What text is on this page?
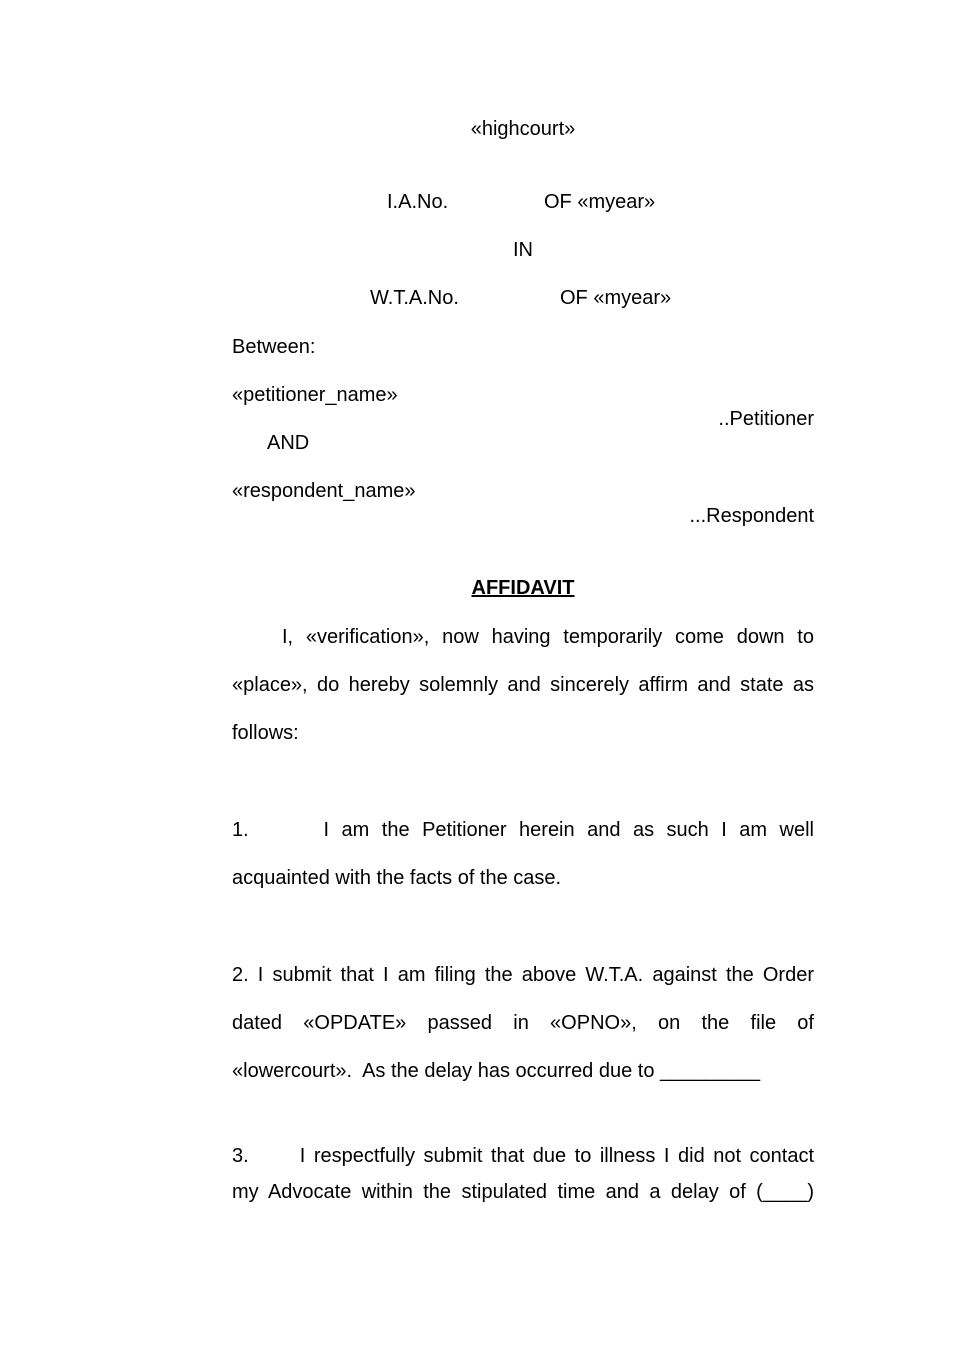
«highcourt»
I.A.No.	OF «myear»
IN
W.T.A.No.	OF «myear»
Between:
«petitioner_name»
..Petitioner
AND
«respondent_name»
...Respondent
AFFIDAVIT
I, «verification», now having temporarily come down to
«place», do hereby solemnly and sincerely affirm and state as
follows:
1.      I am the Petitioner herein and as such I am well
acquainted with the facts of the case.
2. I submit that I am filing the above W.T.A. against the Order
dated «OPDATE» passed in «OPNO», on the file of
«lowercourt».  As the delay has occurred due to _________
3.      I respectfully submit that due to illness I did not contact
my Advocate within the stipulated time and a delay of (____)
